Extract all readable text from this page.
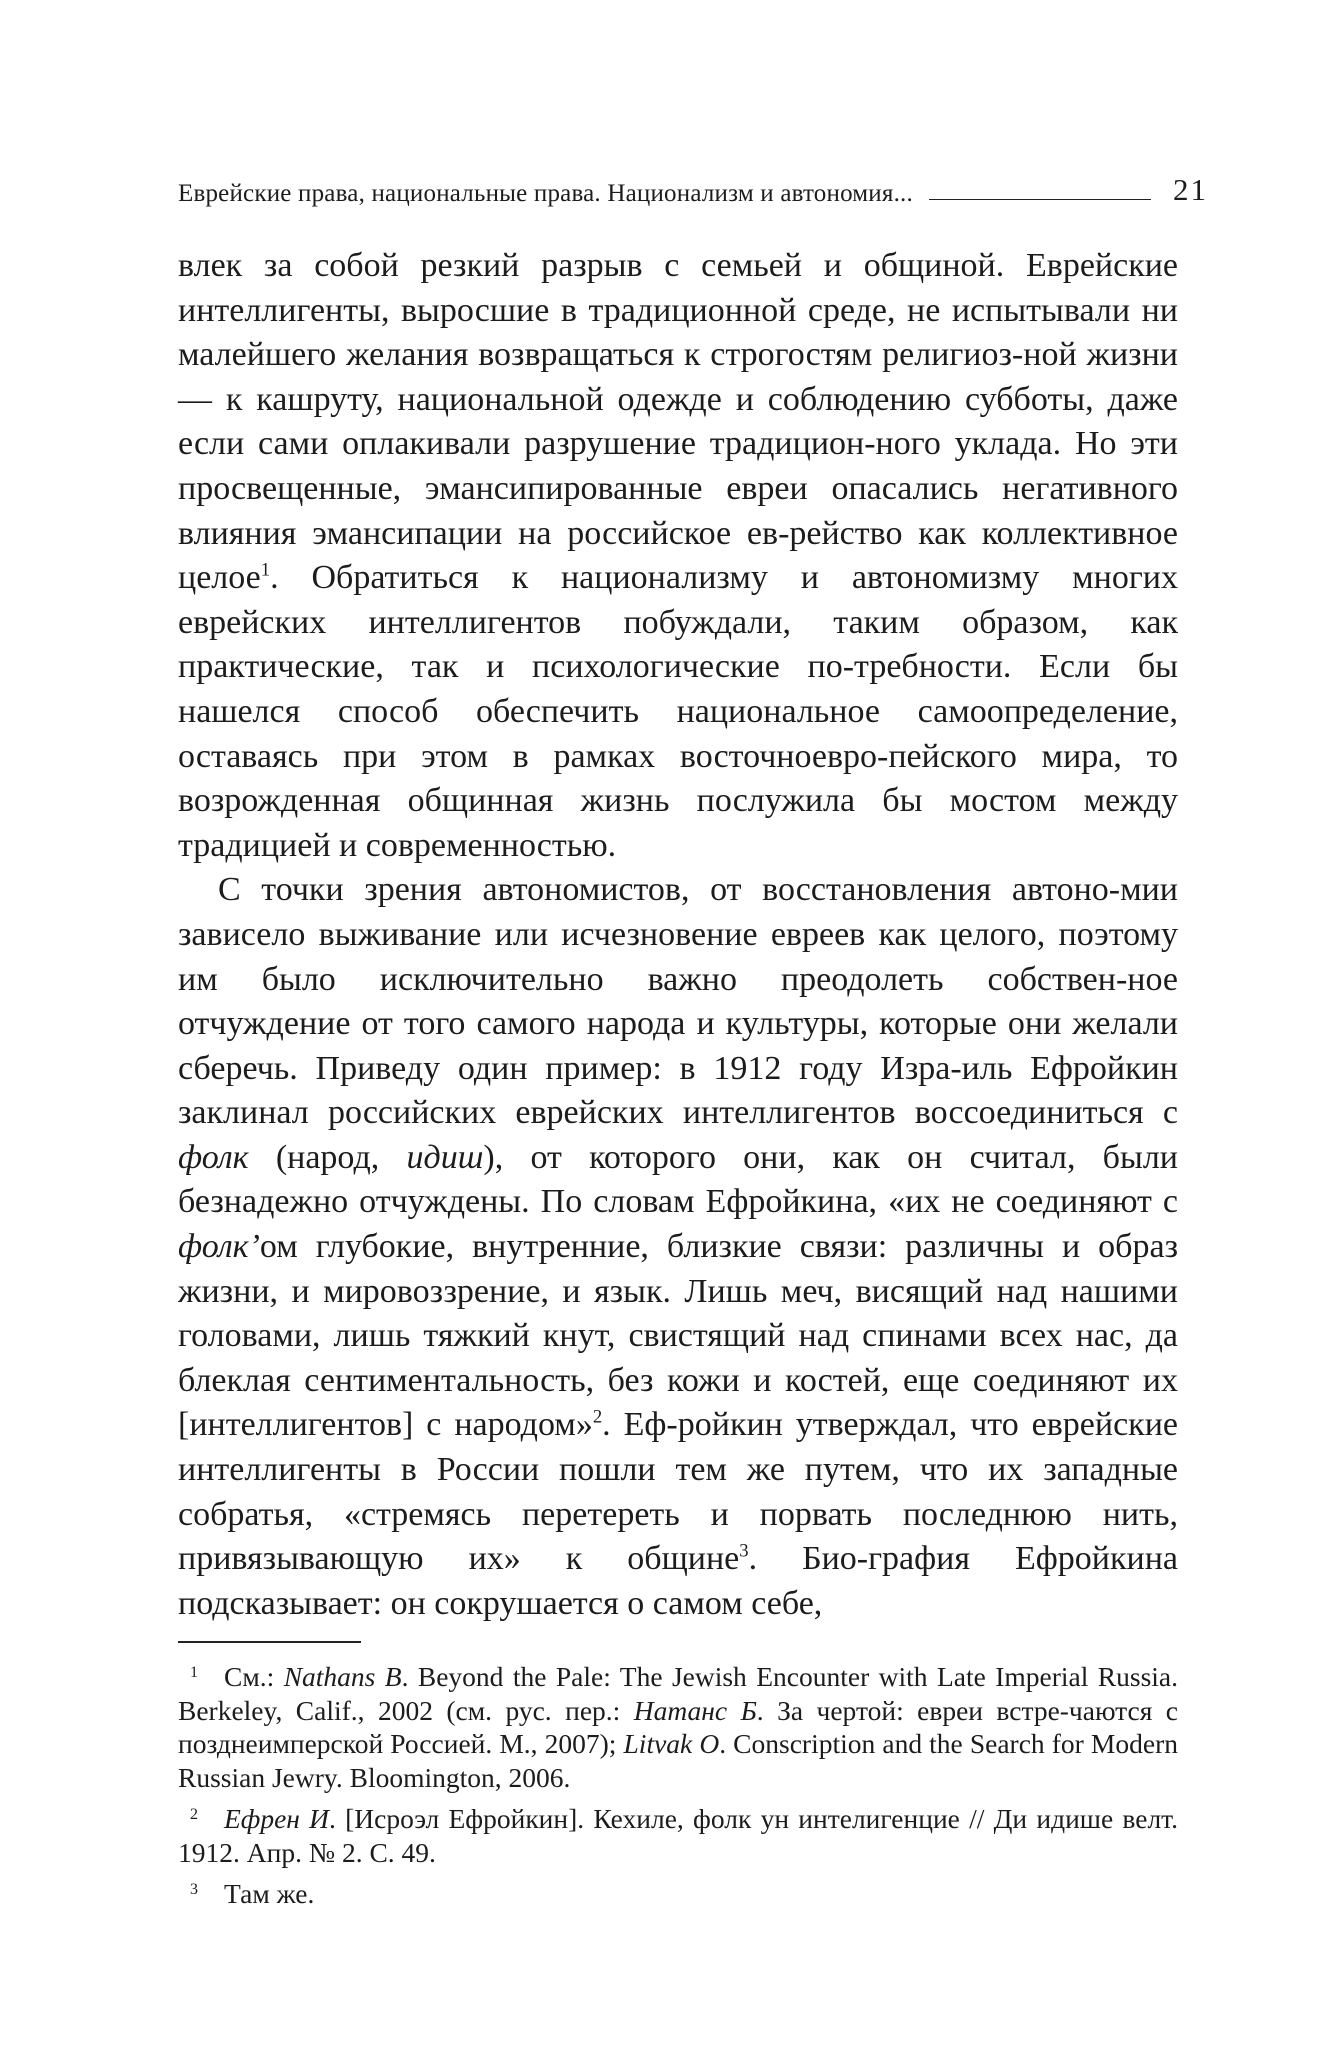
Еврейские права, национальные права. Национализм и автономия...	21

влек за собой резкий разрыв с семьей и общиной. Еврейские интеллигенты, выросшие в традиционной среде, не испытывали ни малейшего желания возвращаться к строгостям религиоз-ной жизни — к кашруту, национальной одежде и соблюдению субботы, даже если сами оплакивали разрушение традицион-ного уклада. Но эти просвещенные, эмансипированные евреи опасались негативного влияния эмансипации на российское ев-рейство как коллективное целое$^1$. Обратиться к национализму и автономизму многих еврейских интеллигентов побуждали, таким образом, как практические, так и психологические по-требности. Если бы нашелся способ обеспечить национальное самоопределение, оставаясь при этом в рамках восточноевро-пейского мира, то возрожденная общинная жизнь послужила бы мостом между традицией и современностью.

С точки зрения автономистов, от восстановления автоно-мии зависело выживание или исчезновение евреев как целого, поэтому им было исключительно важно преодолеть собствен-ное отчуждение от того самого народа и культуры, которые они желали сберечь. Приведу один пример: в 1912 году Изра-иль Ефройкин заклинал российских еврейских интеллигентов воссоединиться с фолк (народ, идиш), от которого они, как он считал, были безнадежно отчуждены. По словам Ефройкина, «их не соединяют с фолк’ом глубокие, внутренние, близкие связи: различны и образ жизни, и мировоззрение, и язык. Лишь меч, висящий над нашими головами, лишь тяжкий кнут, свистящий над спинами всех нас, да блеклая сентиментальность, без кожи и костей, еще соединяют их [интеллигентов] с народом»$^2$. Еф-ройкин утверждал, что еврейские интеллигенты в России пошли тем же путем, что их западные собратья, «стремясь перетереть и порвать последнюю нить, привязывающую их» к общине$^3$. Био-графия Ефройкина подсказывает: он сокрушается о самом себе,

1 См.: Nathans B. Beyond the Pale: The Jewish Encounter with Late Imperial Russia. Berkeley, Calif., 2002 (см. рус. пер.: Натанс Б. За чертой: евреи встре-чаются с позднеимперской Россией. М., 2007); Litvak O. Conscription and the Search for Modern Russian Jewry. Bloomington, 2006.

2 Ефрен И. [Исроэл Ефройкин]. Кехиле, фолк ун интелигенцие // Ди идише велт. 1912. Апр. № 2. С. 49.

3 Там же.
